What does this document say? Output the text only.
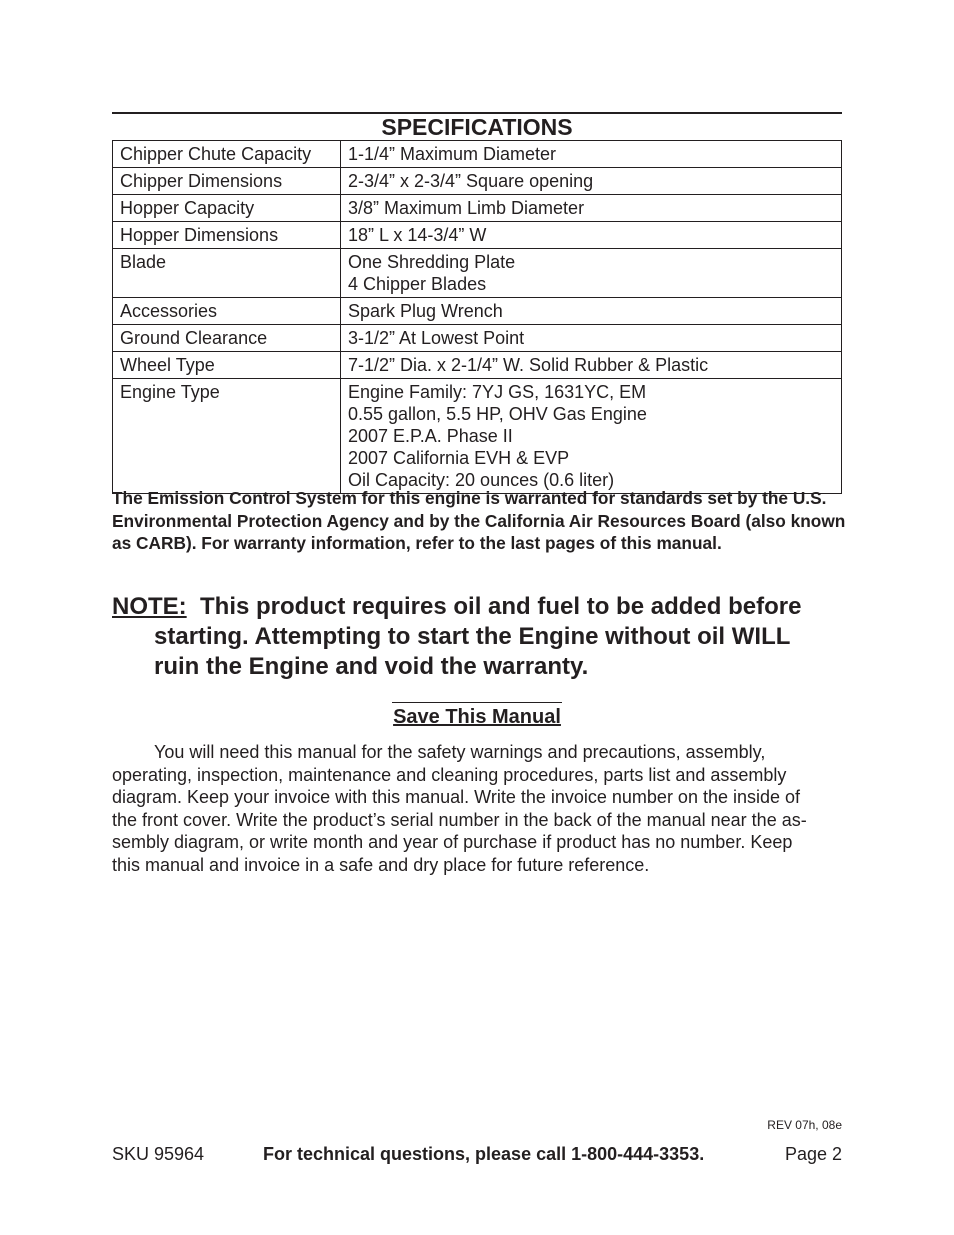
SPECIFICATIONS
Chipper Chute Capacity	1-1/4” Maximum Diameter

Chipper Dimensions	2-3/4” x 2-3/4” Square opening

Hopper Capacity	3/8” Maximum Limb Diameter

Hopper Dimensions	18” L x 14-3/4” W

Blade	One Shredding Plate
4 Chipper Blades

Accessories	Spark Plug Wrench

Ground Clearance	3-1/2” At Lowest Point

Wheel Type	7-1/2” Dia. x 2-1/4” W. Solid Rubber & Plastic

Engine Type	Engine Family: 7YJ GS, 1631YC, EM
0.55 gallon, 5.5 HP, OHV Gas Engine
2007 E.P.A. Phase II
2007 California EVH & EVP
Oil Capacity: 20 ounces (0.6 liter)
The Emission Control System for this engine is warranted for standards set by the U.S. Environmental Protection Agency and by the California Air Resources Board (also known as CARB). For warranty information, refer to the last pages of this manual.
NOTE: This product requires oil and fuel to be added before
starting. Attempting to start the Engine without oil WILL
ruin the Engine and void the warranty.
Save This Manual
You will need this manual for the safety warnings and precautions, assembly,
operating, inspection, maintenance and cleaning procedures, parts list and assembly
diagram. Keep your invoice with this manual. Write the invoice number on the inside of
the front cover. Write the product’s serial number in the back of the manual near the as-
sembly diagram, or write month and year of purchase if product has no number. Keep
this manual and invoice in a safe and dry place for future reference.
REV 07h, 08e
SKU 95964	For technical questions, please call 1-800-444-3353.	Page 2
